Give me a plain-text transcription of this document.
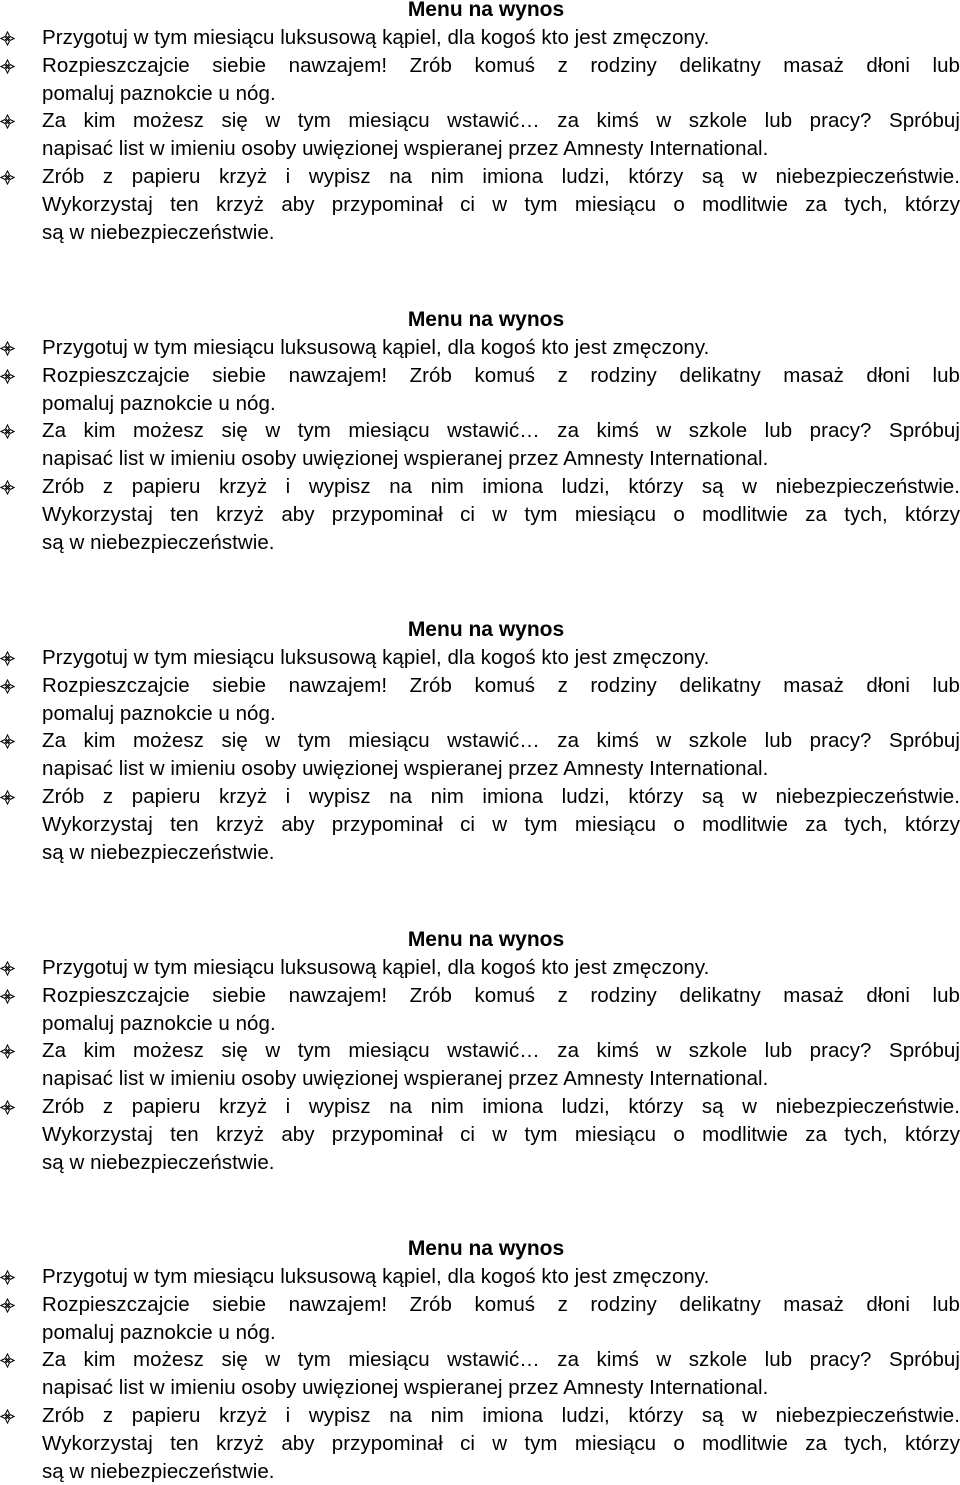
Menu na wynos
Przygotuj w tym miesiącu luksusową kąpiel, dla kogoś kto jest zmęczony.
Rozpieszczajcie siebie nawzajem! Zrób komuś z rodziny delikatny masaż dłoni lub
pomaluj paznokcie u nóg.
Za kim możesz się w tym miesiącu wstawić… za kimś w szkole lub pracy? Spróbuj
napisać list w imieniu osoby uwięzionej wspieranej przez Amnesty International.
Zrób z papieru krzyż i wypisz na nim imiona ludzi, którzy są w niebezpieczeństwie.
Wykorzystaj ten krzyż aby przypominał ci w tym miesiącu o modlitwie za tych, którzy
są w niebezpieczeństwie.
Menu na wynos
Przygotuj w tym miesiącu luksusową kąpiel, dla kogoś kto jest zmęczony.
Rozpieszczajcie siebie nawzajem! Zrób komuś z rodziny delikatny masaż dłoni lub
pomaluj paznokcie u nóg.
Za kim możesz się w tym miesiącu wstawić… za kimś w szkole lub pracy? Spróbuj
napisać list w imieniu osoby uwięzionej wspieranej przez Amnesty International.
Zrób z papieru krzyż i wypisz na nim imiona ludzi, którzy są w niebezpieczeństwie.
Wykorzystaj ten krzyż aby przypominał ci w tym miesiącu o modlitwie za tych, którzy
są w niebezpieczeństwie.
Menu na wynos
Przygotuj w tym miesiącu luksusową kąpiel, dla kogoś kto jest zmęczony.
Rozpieszczajcie siebie nawzajem! Zrób komuś z rodziny delikatny masaż dłoni lub
pomaluj paznokcie u nóg.
Za kim możesz się w tym miesiącu wstawić… za kimś w szkole lub pracy? Spróbuj
napisać list w imieniu osoby uwięzionej wspieranej przez Amnesty International.
Zrób z papieru krzyż i wypisz na nim imiona ludzi, którzy są w niebezpieczeństwie.
Wykorzystaj ten krzyż aby przypominał ci w tym miesiącu o modlitwie za tych, którzy
są w niebezpieczeństwie.
Menu na wynos
Przygotuj w tym miesiącu luksusową kąpiel, dla kogoś kto jest zmęczony.
Rozpieszczajcie siebie nawzajem! Zrób komuś z rodziny delikatny masaż dłoni lub
pomaluj paznokcie u nóg.
Za kim możesz się w tym miesiącu wstawić… za kimś w szkole lub pracy? Spróbuj
napisać list w imieniu osoby uwięzionej wspieranej przez Amnesty International.
Zrób z papieru krzyż i wypisz na nim imiona ludzi, którzy są w niebezpieczeństwie.
Wykorzystaj ten krzyż aby przypominał ci w tym miesiącu o modlitwie za tych, którzy
są w niebezpieczeństwie.
Menu na wynos
Przygotuj w tym miesiącu luksusową kąpiel, dla kogoś kto jest zmęczony.
Rozpieszczajcie siebie nawzajem! Zrób komuś z rodziny delikatny masaż dłoni lub
pomaluj paznokcie u nóg.
Za kim możesz się w tym miesiącu wstawić… za kimś w szkole lub pracy? Spróbuj
napisać list w imieniu osoby uwięzionej wspieranej przez Amnesty International.
Zrób z papieru krzyż i wypisz na nim imiona ludzi, którzy są w niebezpieczeństwie.
Wykorzystaj ten krzyż aby przypominał ci w tym miesiącu o modlitwie za tych, którzy
są w niebezpieczeństwie.
